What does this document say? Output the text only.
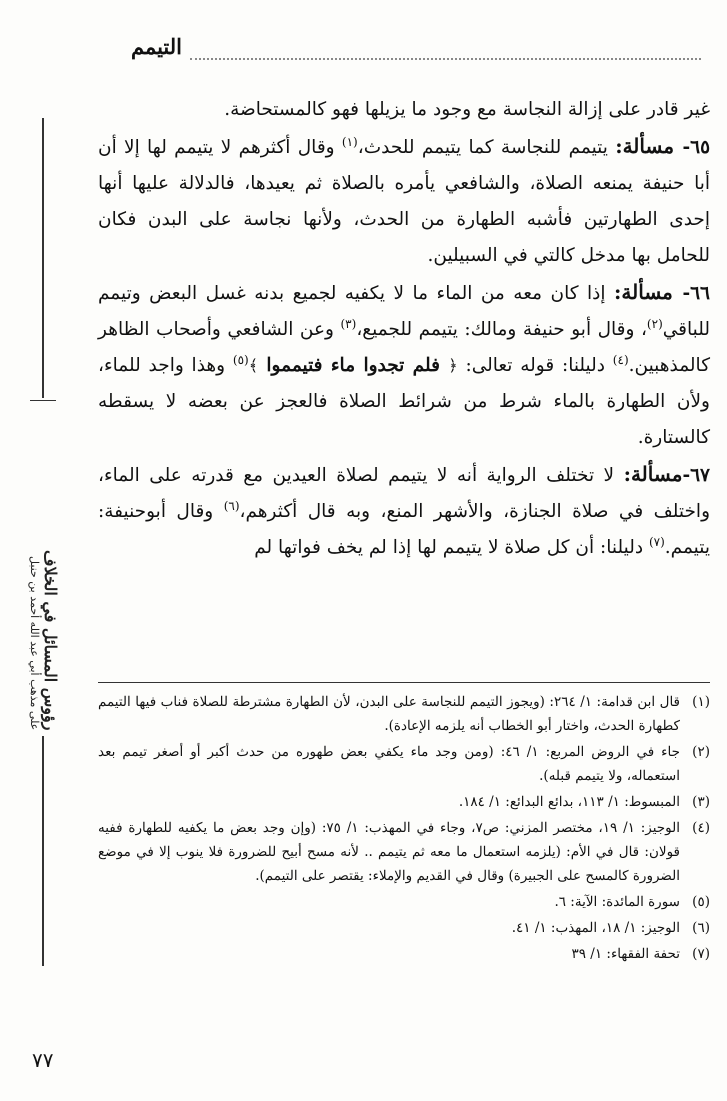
التيمم
رؤوس المسائل في الخلاف
على مذهب أبي عبد الله أحمد بن حنبل

غير قادر على إزالة النجاسة مع وجود ما يزيلها فهو كالمستحاضة.

٦٥- مسألة: يتيمم للنجاسة كما يتيمم للحدث،$^{(١)}$ وقال أكثرهم لا يتيمم لها إلا أن أبا حنيفة يمنعه الصلاة، والشافعي يأمره بالصلاة ثم يعيدها، فالدلالة عليها أنها إحدى الطهارتين فأشبه الطهارة من الحدث، ولأنها نجاسة على البدن فكان للحامل بها مدخل كالتي في السبيلين.

٦٦- مسألة: إذا كان معه من الماء ما لا يكفيه لجميع بدنه غسل البعض وتيمم للباقي$^{(٢)}$، وقال أبو حنيفة ومالك: يتيمم للجميع،$^{(٣)}$ وعن الشافعي وأصحاب الظاهر كالمذهبين.$^{(٤)}$ دليلنا: قوله تعالى: ﴿ فلم تجدوا ماء فتيمموا ﴾$^{(٥)}$ وهذا واجد للماء، ولأن الطهارة بالماء شرط من شرائط الصلاة فالعجز عن بعضه لا يسقطه كالستارة.

٦٧-مسألة: لا تختلف الرواية أنه لا يتيمم لصلاة العيدين مع قدرته على الماء، واختلف في صلاة الجنازة، والأشهر المنع، وبه قال أكثرهم،$^{(٦)}$ وقال أبوحنيفة: يتيمم.$^{(٧)}$ دليلنا: أن كل صلاة لا يتيمم لها إذا لم يخف فواتها لم

(١)
قال ابن قدامة: ١/ ٢٦٤: (ويجوز التيمم للنجاسة على البدن، لأن الطهارة مشترطة للصلاة فناب فيها التيمم كطهارة الحدث، واختار أبو الخطاب أنه يلزمه الإعادة).
(٢)
جاء في الروض المربع: ١/ ٤٦: (ومن وجد ماء يكفي بعض طهوره من حدث أكبر أو أصغر تيمم بعد استعماله، ولا يتيمم قبله).
(٣)
المبسوط: ١/ ١١٣، بدائع البدائع: ١/ ١٨٤.
(٤)
الوجيز: ١/ ١٩، مختصر المزني: ص٧، وجاء في المهذب: ١/ ٧٥: (وإن وجد بعض ما يكفيه للطهارة ففيه قولان: قال في الأم: (يلزمه استعمال ما معه ثم يتيمم .. لأنه مسح أبيح للضرورة فلا ينوب إلا في موضع الضرورة كالمسح على الجبيرة) وقال في القديم والإملاء: يقتصر على التيمم).
(٥)
سورة المائدة: الآية: ٦.
(٦)
الوجيز: ١/ ١٨، المهذب: ١/ ٤١.
(٧)
تحفة الفقهاء: ١/ ٣٩
٧٧
